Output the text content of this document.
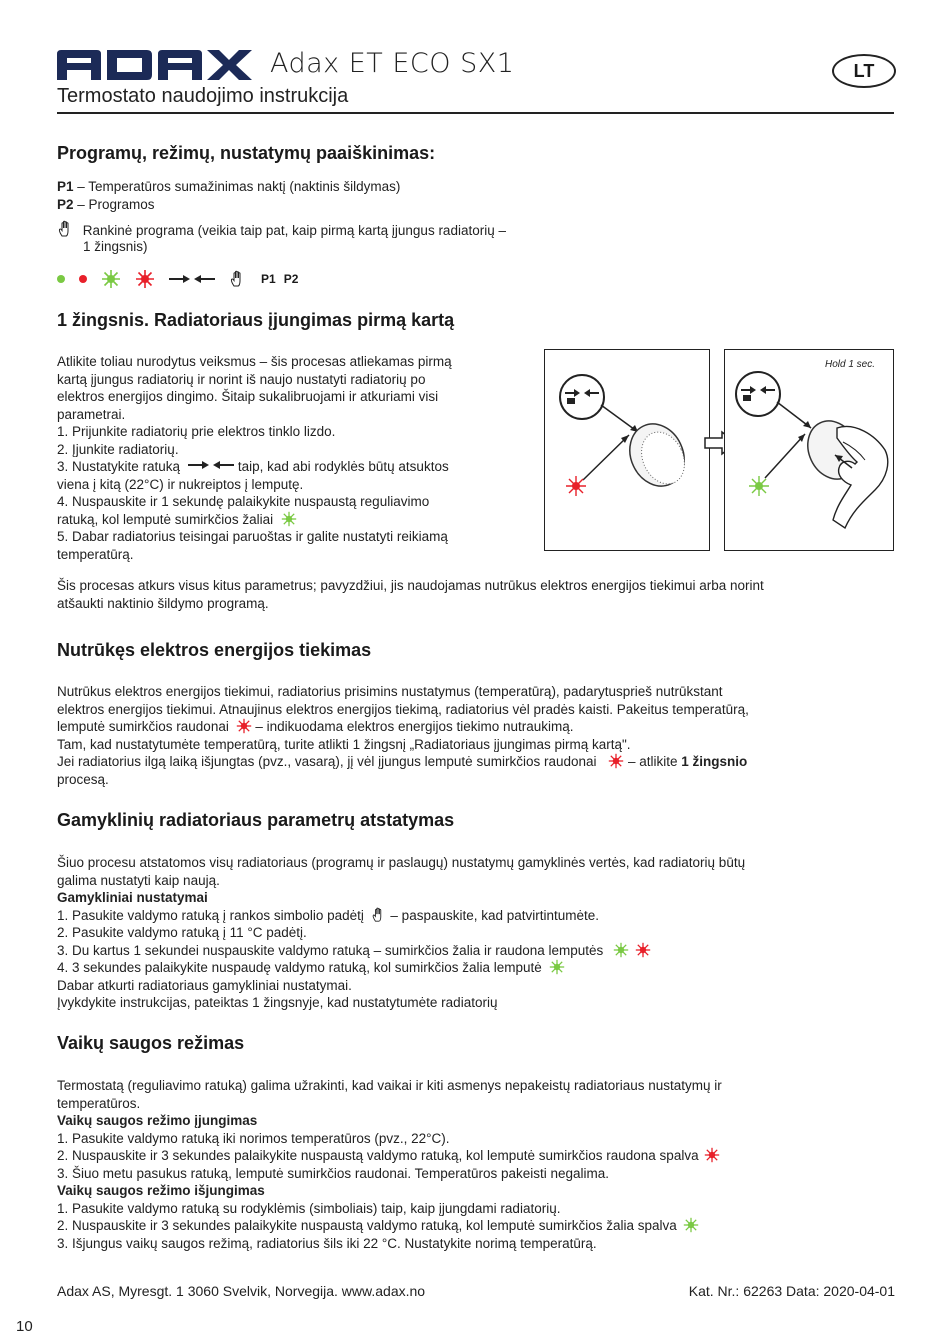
Adax ET ECO SX1
Termostato naudojimo instrukcija
LT
Programų, režimų, nustatymų paaiškinimas:
P1 – Temperatūros sumažinimas naktį (naktinis šildymas)
P2 – Programos
Rankinė programa (veikia taip pat, kaip pirmą kartą įjungus radiatorių –
1 žingsnis)
P1 P2
1 žingsnis. Radiatoriaus įjungimas pirmą kartą
Atlikite toliau nurodytus veiksmus – šis procesas atliekamas pirmą
kartą įjungus radiatorių ir norint iš naujo nustatyti radiatorių po
elektros energijos dingimo. Šitaip sukalibruojami ir atkuriami visi
parametrai.
1. Prijunkite radiatorių prie elektros tinklo lizdo.
2. Įjunkite radiatorių.
3. Nustatykite ratuką	taip, kad abi rodyklės būtų atsuktos
viena į kitą (22°C) ir nukreiptos į lemputę.
4. Nuspauskite ir 1 sekundę palaikykite nuspaustą reguliavimo
ratuką, kol lemputė sumirkčios žaliai
5. Dabar radiatorius teisingai paruoštas ir galite nustatyti reikiamą
temperatūrą.
Hold 1 sec.
Šis procesas atkurs visus kitus parametrus; pavyzdžiui, jis naudojamas nutrūkus elektros energijos tiekimui arba norint
atšaukti naktinio šildymo programą.
Nutrūkęs elektros energijos tiekimas
Nutrūkus elektros energijos tiekimui, radiatorius prisimins nustatymus (temperatūrą), padarytusprieš nutrūkstant
elektros energijos tiekimui. Atnaujinus elektros energijos tiekimą, radiatorius vėl pradės kaisti. Pakeitus temperatūrą,
lemputė sumirkčios raudonai  – indikuodama elektros energijos tiekimo nutraukimą.
Tam, kad nustatytumėte temperatūrą, turite atlikti 1 žingsnį „Radiatoriaus įjungimas pirmą kartą".
Jei radiatorius ilgą laiką išjungtas (pvz., vasarą), jį vėl įjungus lemputė sumirkčios raudonai  – atlikite 1 žingsnio
procesą.
Gamyklinių radiatoriaus parametrų atstatymas
Šiuo procesu atstatomos visų radiatoriaus (programų ir paslaugų) nustatymų gamyklinės vertės, kad radiatorių būtų
galima nustatyti kaip naują.
Gamykliniai nustatymai
1. Pasukite valdymo ratuką į rankos simbolio padėtį  – paspauskite, kad patvirtintumėte.
2. Pasukite valdymo ratuką į 11 °C padėtį.
3. Du kartus 1 sekundei nuspauskite valdymo ratuką – sumirkčios žalia ir raudona lemputės
4. 3 sekundes palaikykite nuspaudę valdymo ratuką, kol sumirkčios žalia lemputė
Dabar atkurti radiatoriaus gamykliniai nustatymai.
Įvykdykite instrukcijas, pateiktas 1 žingsnyje, kad nustatytumėte radiatorių
Vaikų saugos režimas
Termostatą (reguliavimo ratuką) galima užrakinti, kad vaikai ir kiti asmenys nepakeistų radiatoriaus nustatymų ir
temperatūros.
Vaikų saugos režimo įjungimas
1. Pasukite valdymo ratuką iki norimos temperatūros (pvz., 22°C).
2. Nuspauskite ir 3 sekundes palaikykite nuspaustą valdymo ratuką, kol lemputė sumirkčios raudona spalva
3. Šiuo metu pasukus ratuką, lemputė sumirkčios raudonai. Temperatūros pakeisti negalima.
Vaikų saugos režimo išjungimas
1. Pasukite valdymo ratuką su rodyklėmis (simboliais) taip, kaip įjungdami radiatorių.
2. Nuspauskite ir 3 sekundes palaikykite nuspaustą valdymo ratuką, kol lemputė sumirkčios žalia spalva
3. Išjungus vaikų saugos režimą, radiatorius šils iki 22 °C. Nustatykite norimą temperatūrą.
Adax AS, Myresgt. 1 3060 Svelvik, Norvegija. www.adax.no	Kat. Nr.: 62263 Data: 2020-04-01
10
